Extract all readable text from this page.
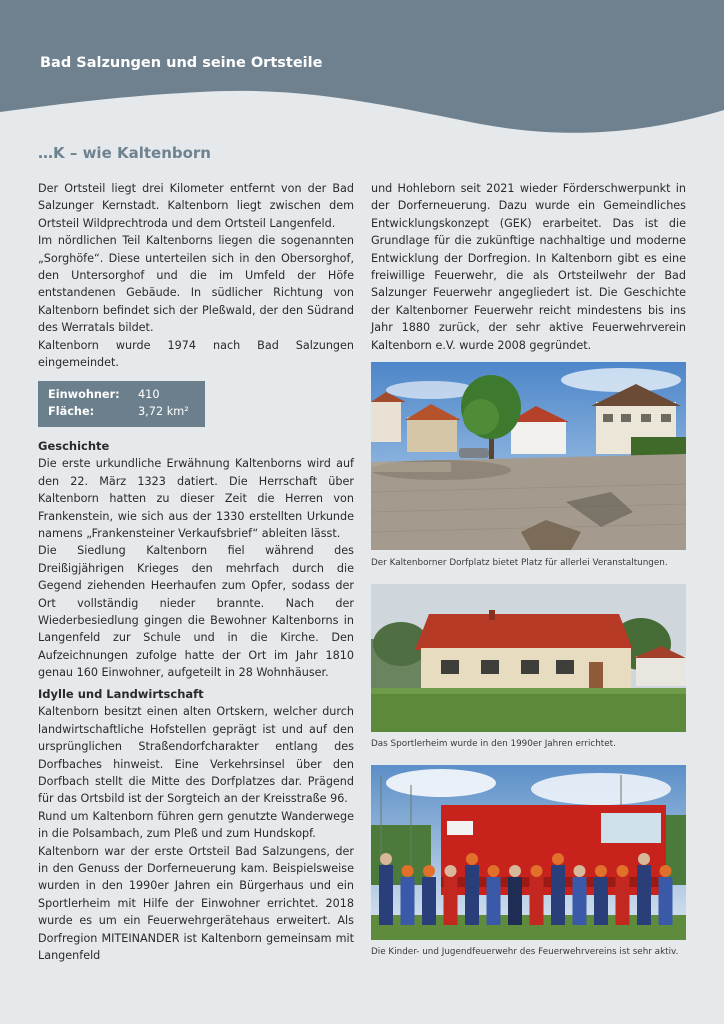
Bad Salzungen und seine Ortsteile
…K – wie Kaltenborn

Der Ortsteil liegt drei Kilometer entfernt von der Bad Salzunger Kernstadt. Kaltenborn liegt zwischen dem Ortsteil Wildprechtroda und dem Ortsteil Langenfeld.

Im nördlichen Teil Kaltenborns liegen die sogenannten „Sorghöfe“. Diese unterteilen sich in den Obersorghof, den Untersorghof und die im Umfeld der Höfe entstandenen Gebäude. In südlicher Richtung von Kaltenborn befindet sich der Pleßwald, der den Südrand des Werratals bildet.

Kaltenborn wurde 1974 nach Bad Salzungen eingemeindet.

Einwohner:	410
Fläche:	3,72 km²

Geschichte

Die erste urkundliche Erwähnung Kaltenborns wird auf den 22. März 1323 datiert. Die Herrschaft über Kaltenborn hatten zu dieser Zeit die Herren von Frankenstein, wie sich aus der 1330 erstellten Urkunde namens „Frankensteiner Verkaufsbrief“ ableiten lässt.

Die Siedlung Kaltenborn fiel während des Dreißigjährigen Krieges den mehrfach durch die Gegend ziehenden Heerhaufen zum Opfer, sodass der Ort vollständig nieder brannte. Nach der Wiederbesiedlung gingen die Bewohner Kaltenborns in Langenfeld zur Schule und in die Kirche. Den Aufzeichnungen zufolge hatte der Ort im Jahr 1810 genau 160 Einwohner, aufgeteilt in 28 Wohnhäuser.

Idylle und Landwirtschaft

Kaltenborn besitzt einen alten Ortskern, welcher durch landwirtschaftliche Hofstellen geprägt ist und auf den ursprünglichen Straßendorfcharakter entlang des Dorfbaches hinweist. Eine Verkehrsinsel über den Dorfbach stellt die Mitte des Dorfplatzes dar. Prägend für das Ortsbild ist der Sorgteich an der Kreisstraße 96.

Rund um Kaltenborn führen gern genutzte Wanderwege in die Polsambach, zum Pleß und zum Hundskopf.

Kaltenborn war der erste Ortsteil Bad Salzungens, der in den Genuss der Dorferneuerung kam. Beispielsweise wurden in den 1990er Jahren ein Bürgerhaus und ein Sportlerheim mit Hilfe der Einwohner errichtet. 2018 wurde es um ein Feuerwehrgerätehaus erweitert. Als Dorfregion MITEINANDER ist Kaltenborn gemeinsam mit Langenfeld

und Hohleborn seit 2021 wieder Förderschwerpunkt in der Dorferneuerung. Dazu wurde ein Gemeindliches Entwicklungskonzept (GEK) erarbeitet. Das ist die Grundlage für die zukünftige nachhaltige und moderne Entwicklung der Dorfregion. In Kaltenborn gibt es eine freiwillige Feuerwehr, die als Ortsteilwehr der Bad Salzunger Feuerwehr angegliedert ist. Die Geschichte der Kaltenborner Feuerwehr reicht mindestens bis ins Jahr 1880 zurück, der sehr aktive Feuerwehrverein Kaltenborn e.V. wurde 2008 gegründet.

Der Kaltenborner Dorfplatz bietet Platz für allerlei Veranstaltungen.
Das Sportlerheim wurde in den 1990er Jahren errichtet.
Die Kinder- und Jugendfeuerwehr des Feuerwehrvereins ist sehr aktiv.
